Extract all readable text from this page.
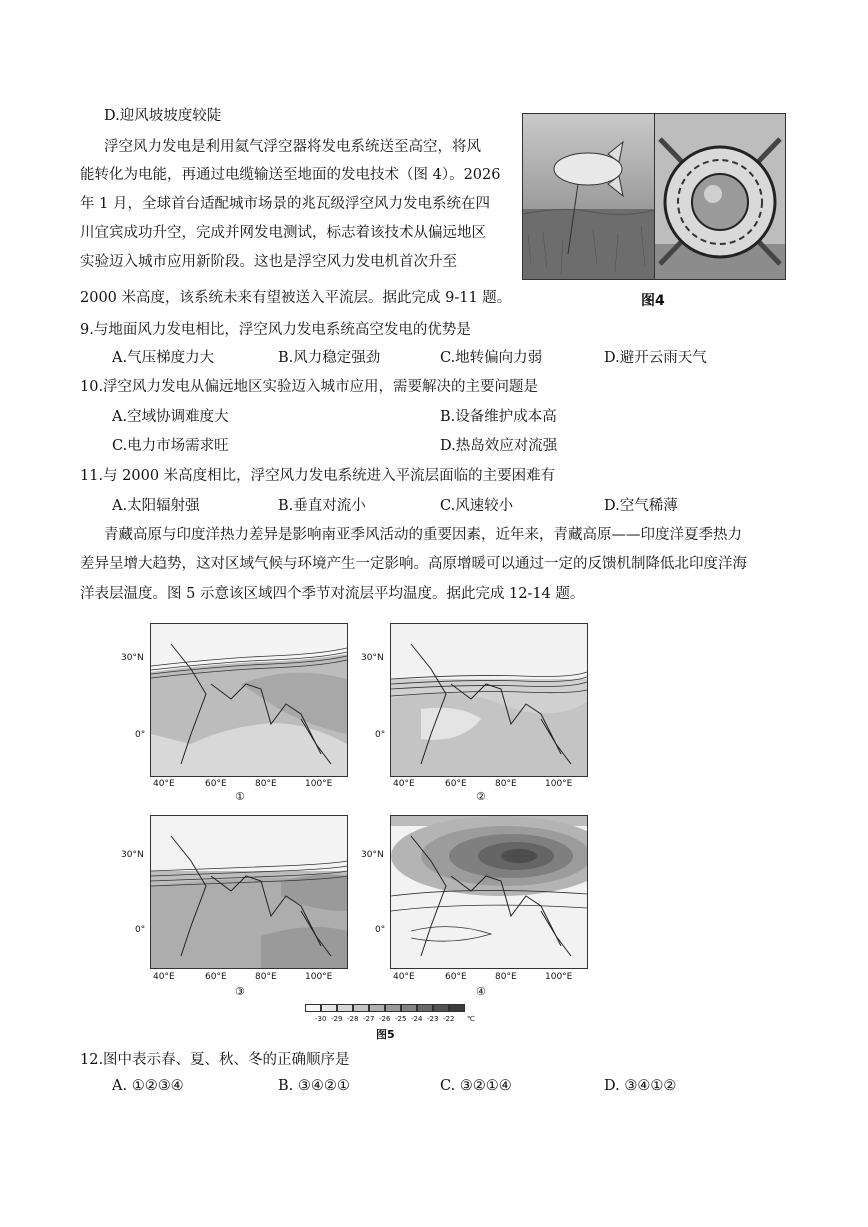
D.迎风坡坡度较陡
浮空风力发电是利用氦气浮空器将发电系统送至高空，将风
能转化为电能，再通过电缆输送至地面的发电技术（图 4）。2026
年 1 月，全球首台适配城市场景的兆瓦级浮空风力发电系统在四
川宜宾成功升空，完成并网发电测试，标志着该技术从偏远地区
实验迈入城市应用新阶段。这也是浮空风力发电机首次升至
2000 米高度，该系统未来有望被送入平流层。据此完成 9-11 题。	图4
9.与地面风力发电相比，浮空风力发电系统高空发电的优势是
A.气压梯度力大	B.风力稳定强劲	C.地转偏向力弱	D.避开云雨天气
10.浮空风力发电从偏远地区实验迈入城市应用，需要解决的主要问题是
A.空域协调难度大	B.设备维护成本高
C.电力市场需求旺	D.热岛效应对流强
11.与 2000 米高度相比，浮空风力发电系统进入平流层面临的主要困难有
A.太阳辐射强	B.垂直对流小	C.风速较小	D.空气稀薄
青藏高原与印度洋热力差异是影响南亚季风活动的重要因素，近年来，青藏高原——印度洋夏季热力
差异呈增大趋势，这对区域气候与环境产生一定影响。高原增暖可以通过一定的反馈机制降低北印度洋海
洋表层温度。图 5 示意该区域四个季节对流层平均温度。据此完成 12-14 题。
30°N
0°
40°E	60°E	80°E	100°E
①
30°N
0°
40°E	60°E	80°E	100°E
②
30°N
0°
40°E	60°E	80°E	100°E
③
30°N
0°
40°E	60°E	80°E	100°E
④
-30 -29 -28 -27 -26 -25 -24 -23 -22 ℃
图5
12.图中表示春、夏、秋、冬的正确顺序是
A. ①②③④	B. ③④②①	C. ③②①④	D. ③④①②
